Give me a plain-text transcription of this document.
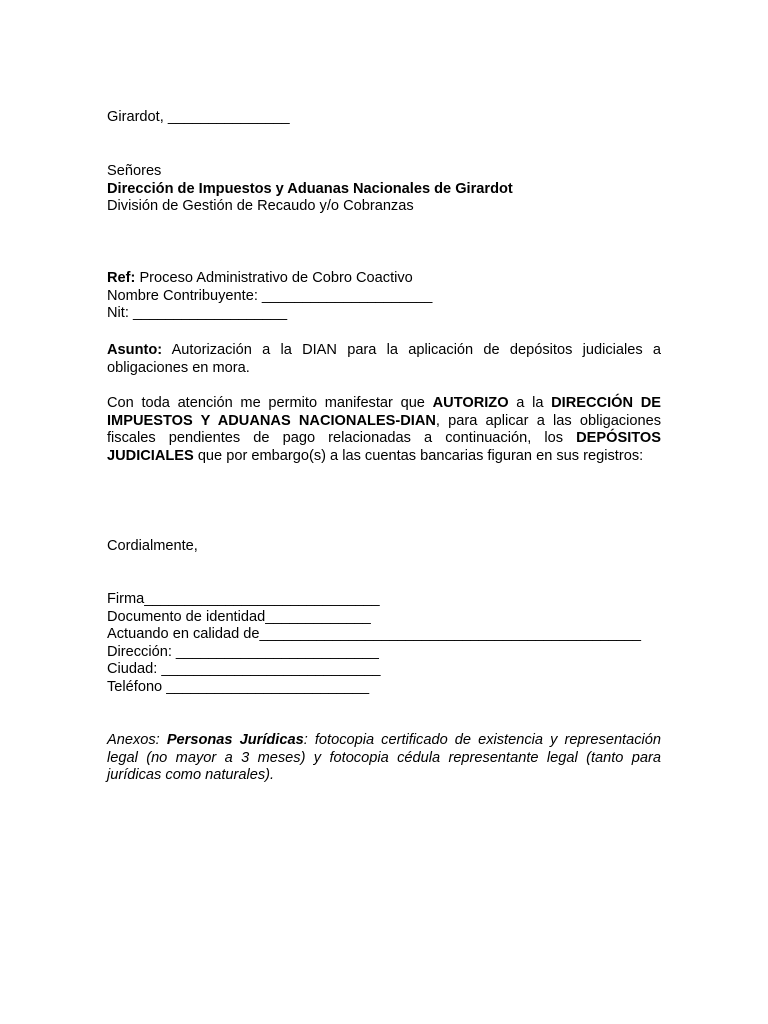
Girardot, _______________
Señores
Dirección de Impuestos y Aduanas Nacionales de Girardot
División de Gestión de Recaudo y/o Cobranzas
Ref: Proceso Administrativo de Cobro Coactivo
Nombre Contribuyente: _____________________
Nit: ___________________
Asunto: Autorización a la DIAN para la aplicación de depósitos judiciales a obligaciones en mora.
Con toda atención me permito manifestar que AUTORIZO a la DIRECCIÓN DE IMPUESTOS Y ADUANAS NACIONALES-DIAN, para aplicar a las obligaciones fiscales pendientes de pago relacionadas a continuación, los DEPÓSITOS JUDICIALES que por embargo(s) a las cuentas bancarias figuran en sus registros:
Cordialmente,
Firma_____________________________
Documento de identidad_____________
Actuando en calidad de_______________________________________________
Dirección: _________________________
Ciudad: ___________________________
Teléfono _________________________
Anexos: Personas Jurídicas: fotocopia certificado de existencia y representación legal (no mayor a 3 meses) y fotocopia cédula representante legal (tanto para jurídicas como naturales).
